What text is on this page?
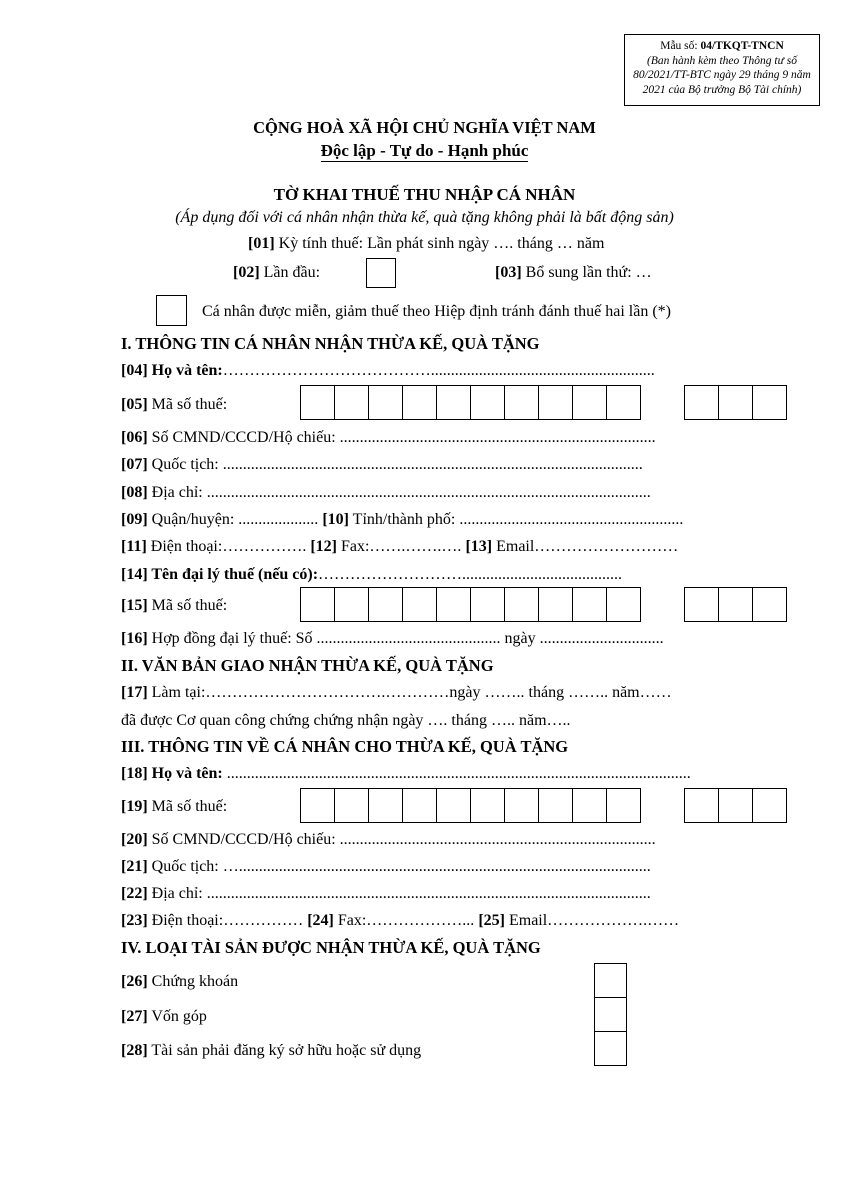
Mẫu số: 04/TKQT-TNCN
(Ban hành kèm theo Thông tư số
80/2021/TT-BTC ngày 29 tháng 9 năm
2021 của Bộ trưởng Bộ Tài chính)
CỘNG HOÀ XÃ HỘI CHỦ NGHĨA VIỆT NAM
Độc lập - Tự do - Hạnh phúc
TỜ KHAI THUẾ THU NHẬP CÁ NHÂN
(Áp dụng đối với cá nhân nhận thừa kế, quà tặng không phải là bất động sản)
[01] Kỳ tính thuế: Lần phát sinh ngày …. tháng … năm
[02] Lần đầu:	[03] Bổ sung lần thứ: …
Cá nhân được miễn, giảm thuế theo Hiệp định tránh đánh thuế hai lần (*)
I. THÔNG TIN CÁ NHÂN NHẬN THỪA KẾ, QUÀ TẶNG
[04] Họ và tên:…………………………………........................................................
[05] Mã số thuế:
[06] Số CMND/CCCD/Hộ chiếu: ...............................................................................
[07] Quốc tịch: .........................................................................................................
[08] Địa chỉ: ...............................................................................................................
[09] Quận/huyện: .................... [10] Tỉnh/thành phố: ........................................................
[11] Điện thoại:……………. [12] Fax:…….…….…. [13] Email………………………
[14] Tên đại lý thuế (nếu có):………………………........................................
[15] Mã số thuế:
[16] Hợp đồng đại lý thuế: Số .............................................. ngày ...............................
II. VĂN BẢN GIAO NHẬN THỪA KẾ, QUÀ TẶNG
[17] Làm tại:…………………………….…………ngày …….. tháng …….. năm……
đã được Cơ quan công chứng chứng nhận ngày …. tháng ….. năm…..
III. THÔNG TIN VỀ CÁ NHÂN CHO THỪA KẾ, QUÀ TẶNG
[18] Họ và tên: ....................................................................................................................
[19] Mã số thuế:
[20] Số CMND/CCCD/Hộ chiếu: ...............................................................................
[21] Quốc tịch: ….......................................................................................................
[22] Địa chỉ: ...............................................................................................................
[23] Điện thoại:…………… [24] Fax:………………... [25] Email……………….……
IV. LOẠI TÀI SẢN ĐƯỢC NHẬN THỪA KẾ, QUÀ TẶNG
[26] Chứng khoán
[27] Vốn góp
[28] Tài sản phải đăng ký sở hữu hoặc sử dụng
